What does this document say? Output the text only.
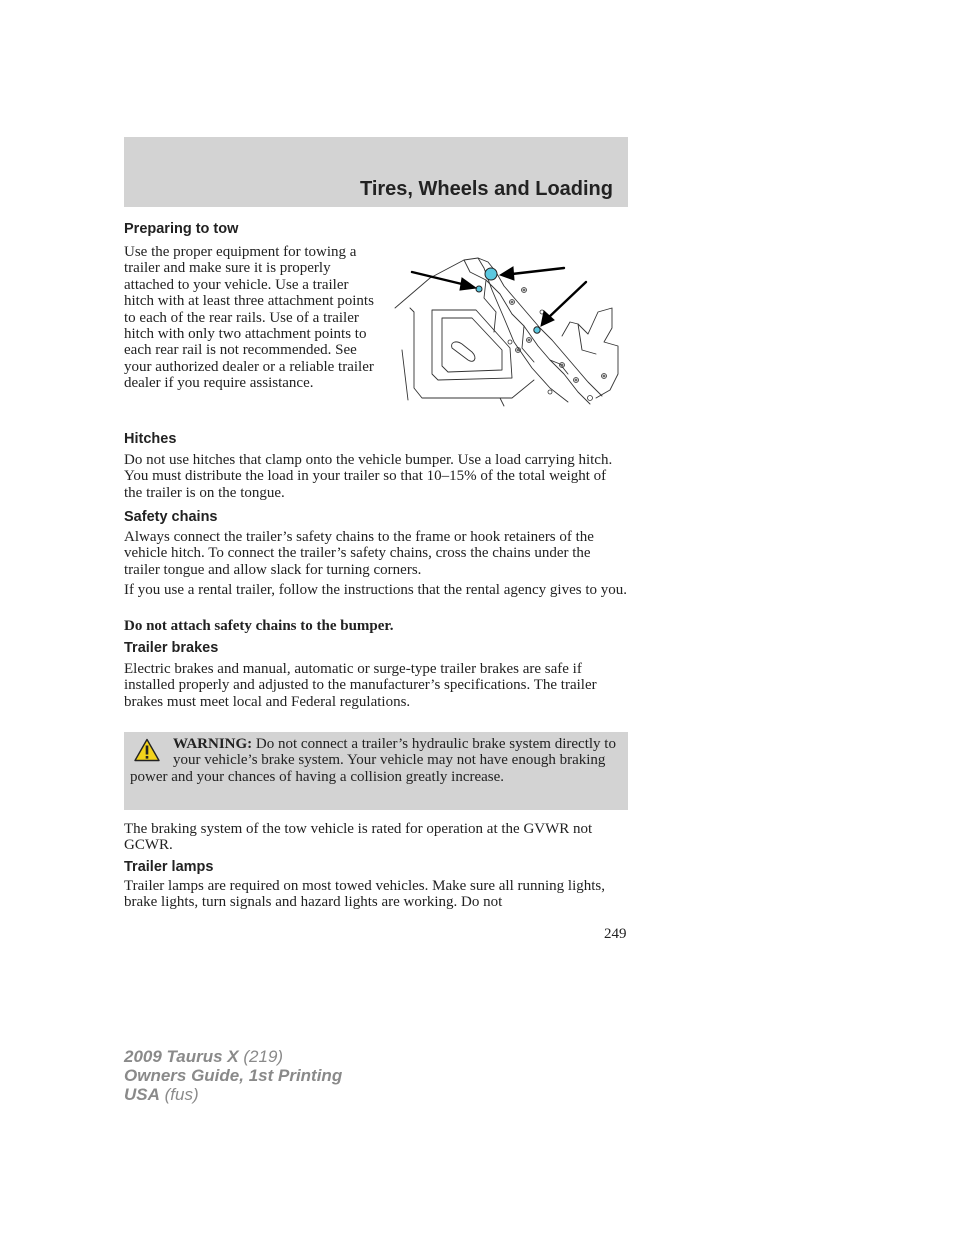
Tires, Wheels and Loading
Preparing to tow

Use the proper equipment for towing a trailer and make sure it is properly attached to your vehicle. Use a trailer hitch with at least three attachment points to each of the rear rails. Use of a trailer hitch with only two attachment points to each rear rail is not recommended. See your authorized dealer or a reliable trailer dealer if you require assistance.

Hitches

Do not use hitches that clamp onto the vehicle bumper. Use a load carrying hitch. You must distribute the load in your trailer so that 10–15% of the total weight of the trailer is on the tongue.

Safety chains

Always connect the trailer’s safety chains to the frame or hook retainers of the vehicle hitch. To connect the trailer’s safety chains, cross the chains under the trailer tongue and allow slack for turning corners.

If you use a rental trailer, follow the instructions that the rental agency gives to you.

Do not attach safety chains to the bumper.

Trailer brakes

Electric brakes and manual, automatic or surge-type trailer brakes are safe if installed properly and adjusted to the manufacturer’s specifications. The trailer brakes must meet local and Federal regulations.

WARNING: Do not connect a trailer’s hydraulic brake system directly to your vehicle’s brake system. Your vehicle may not have enough braking power and your chances of having a collision greatly increase.

The braking system of the tow vehicle is rated for operation at the GVWR not GCWR.

Trailer lamps

Trailer lamps are required on most towed vehicles. Make sure all running lights, brake lights, turn signals and hazard lights are working. Do not

249
2009 Taurus X (219)
Owners Guide, 1st Printing
USA (fus)
